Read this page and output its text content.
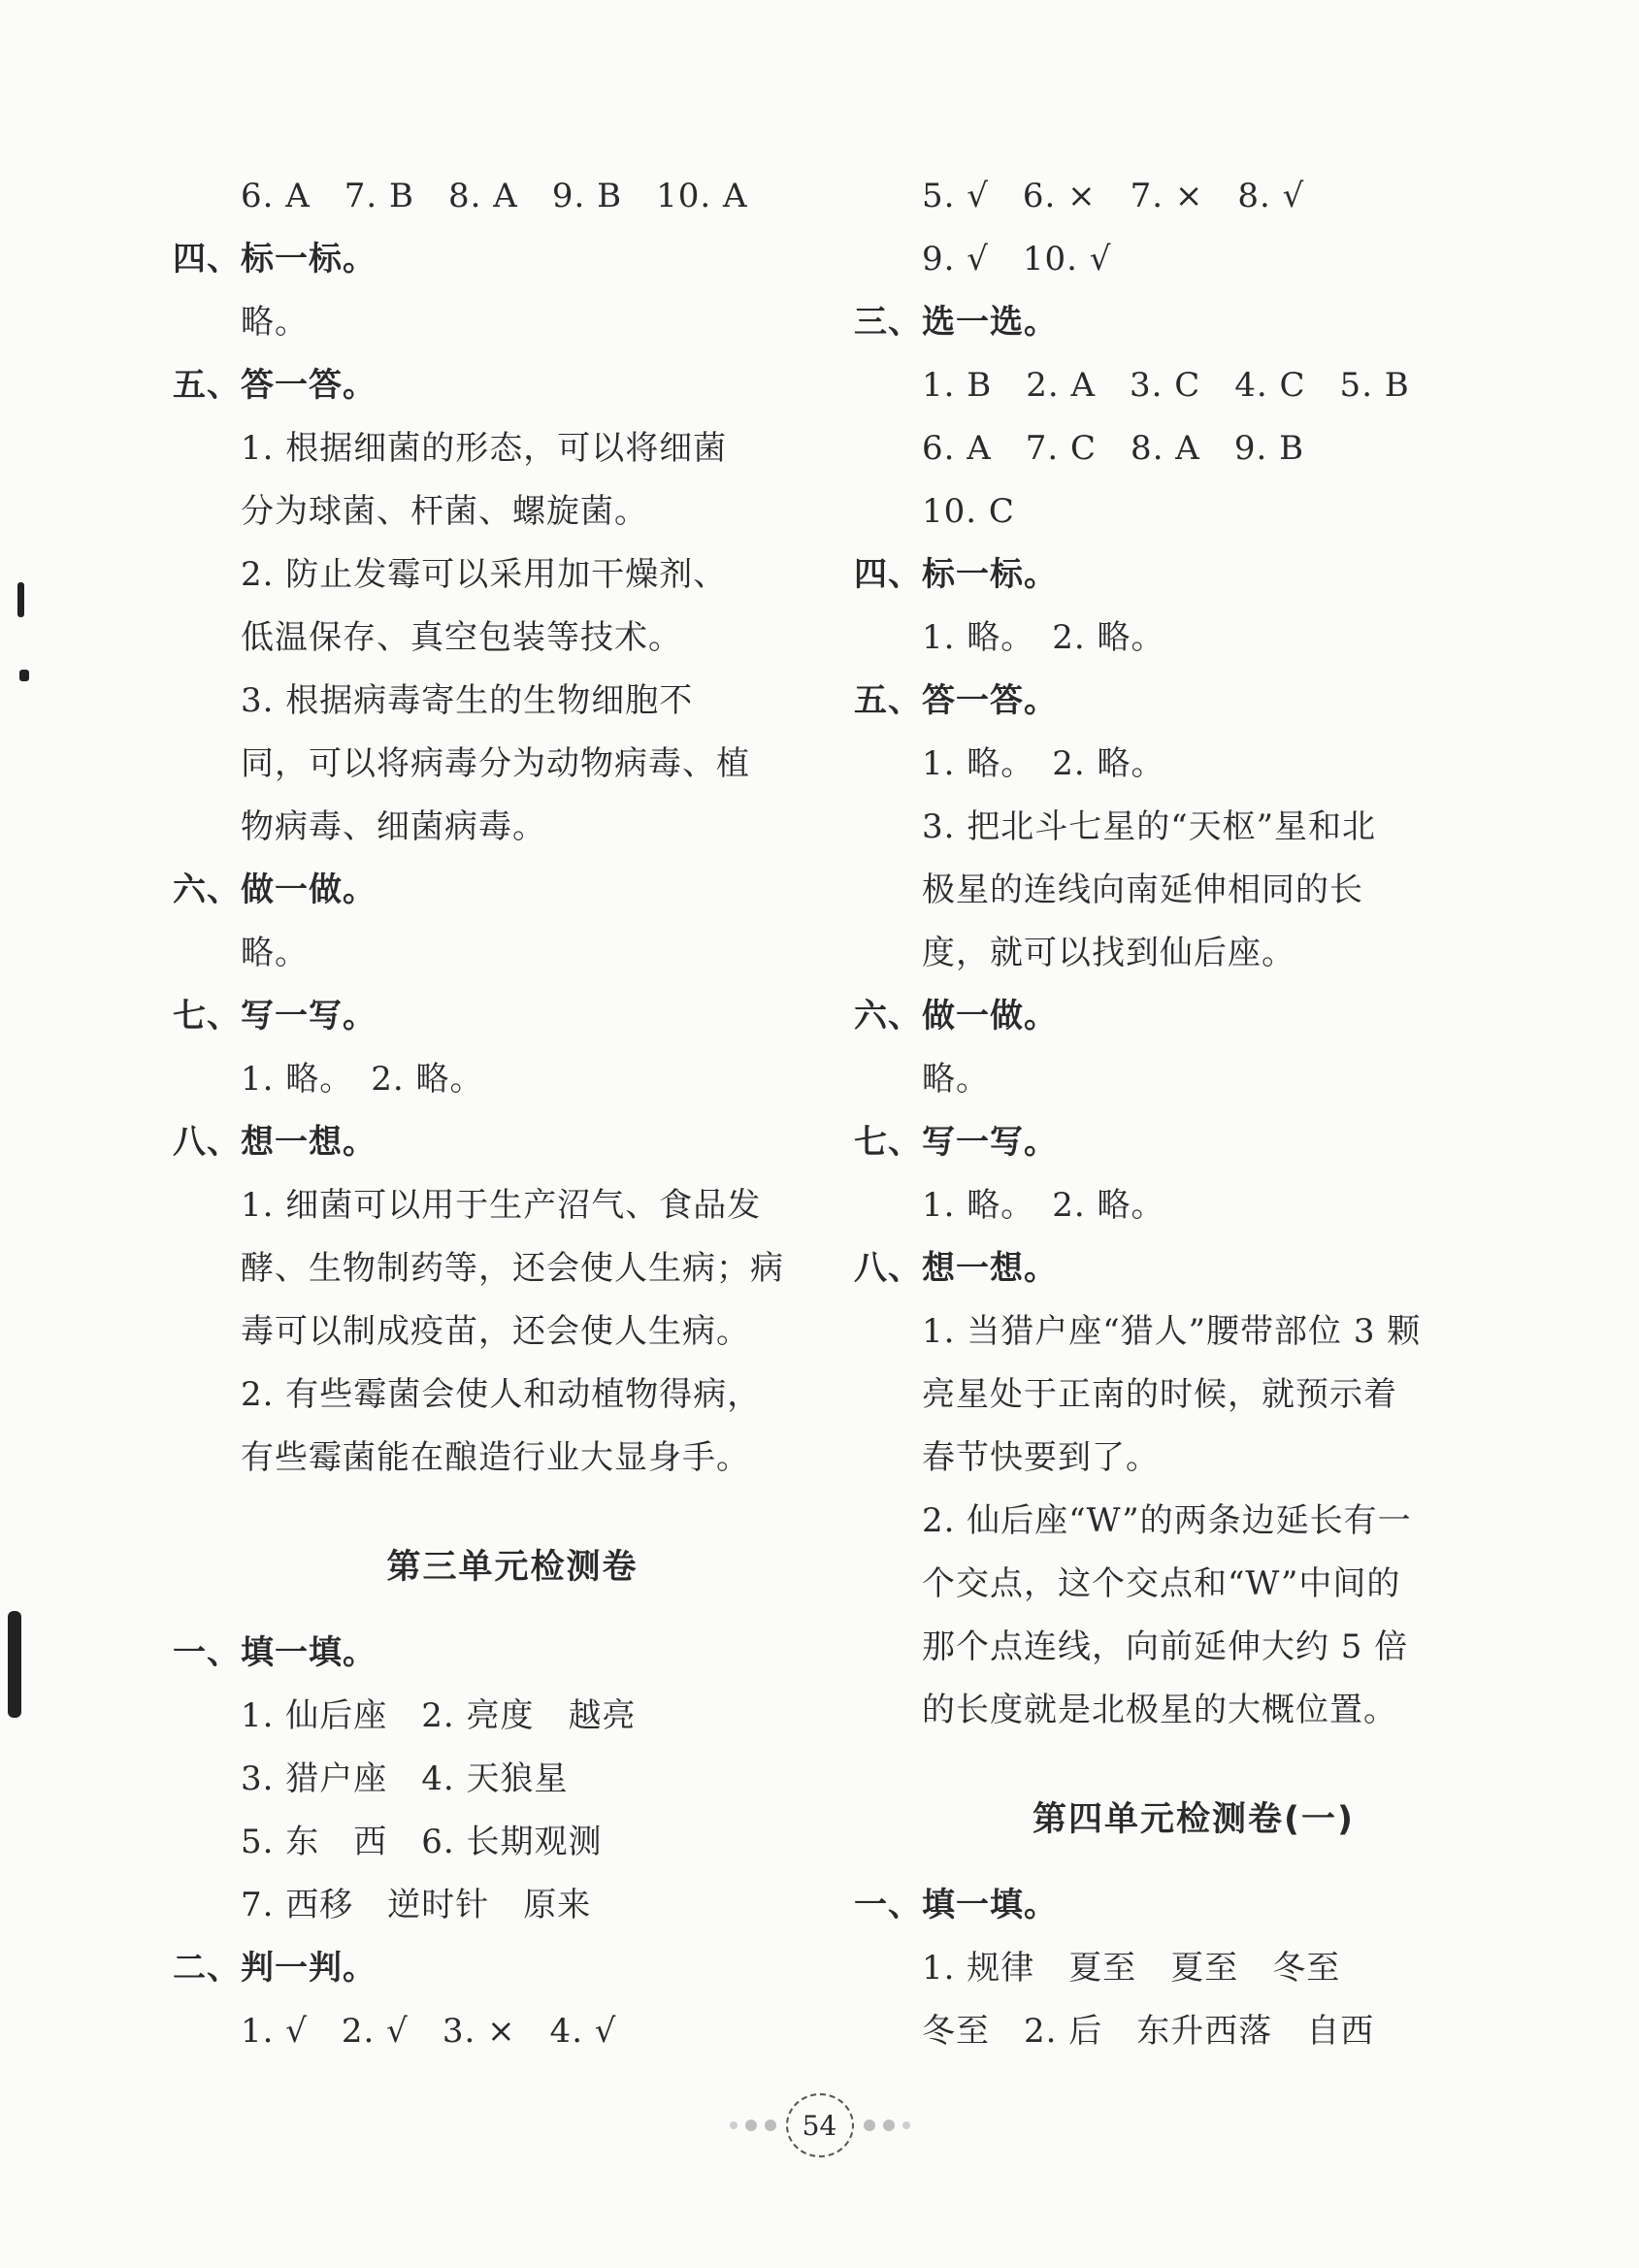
6. A　7. B　8. A　9. B　10. A
四、标一标。
略。
五、答一答。
1. 根据细菌的形态，可以将细菌
分为球菌、杆菌、螺旋菌。
2. 防止发霉可以采用加干燥剂、
低温保存、真空包装等技术。
3. 根据病毒寄生的生物细胞不
同，可以将病毒分为动物病毒、植
物病毒、细菌病毒。
六、做一做。
略。
七、写一写。
1. 略。　2. 略。
八、想一想。
1. 细菌可以用于生产沼气、食品发
酵、生物制药等，还会使人生病；病
毒可以制成疫苗，还会使人生病。
2. 有些霉菌会使人和动植物得病，
有些霉菌能在酿造行业大显身手。
第三单元检测卷
一、填一填。
1. 仙后座　2. 亮度　越亮
3. 猎户座　4. 天狼星
5. 东　西　6. 长期观测
7. 西移　逆时针　原来
二、判一判。
1. √　2. √　3. ×　4. √
5. √　6. ×　7. ×　8. √
9. √　10. √
三、选一选。
1. B　2. A　3. C　4. C　5. B
6. A　7. C　8. A　9. B
10. C
四、标一标。
1. 略。　2. 略。
五、答一答。
1. 略。　2. 略。
3. 把北斗七星的“天枢”星和北
极星的连线向南延伸相同的长
度，就可以找到仙后座。
六、做一做。
略。
七、写一写。
1. 略。　2. 略。
八、想一想。
1. 当猎户座“猎人”腰带部位 3 颗
亮星处于正南的时候，就预示着
春节快要到了。
2. 仙后座“W”的两条边延长有一
个交点，这个交点和“W”中间的
那个点连线，向前延伸大约 5 倍
的长度就是北极星的大概位置。
第四单元检测卷(一)
一、填一填。
1. 规律　夏至　夏至　冬至
冬至　2. 后　东升西落　自西
54
